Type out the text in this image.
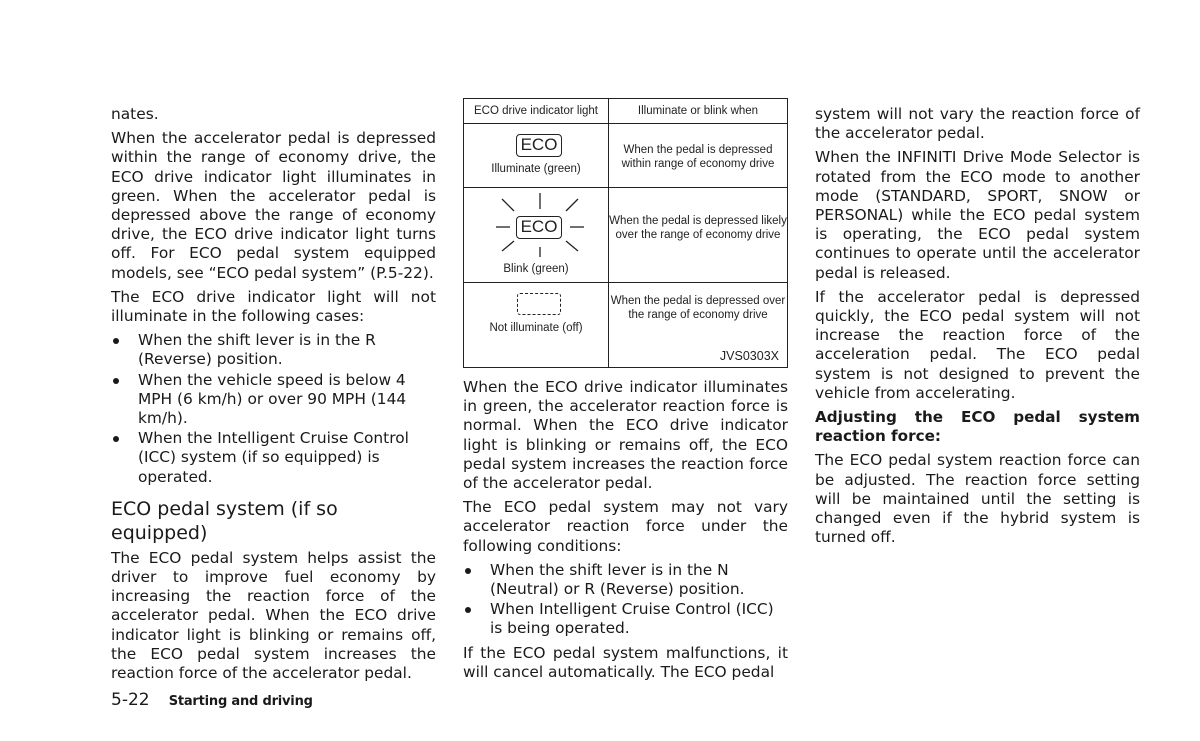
nates.

When the accelerator pedal is depressed within the range of economy drive, the ECO drive indicator light illuminates in green. When the accelerator pedal is depressed above the range of economy drive, the ECO drive indicator light turns off. For ECO pedal system equipped models, see “ECO pedal system” (P.5-22).

The ECO drive indicator light will not illuminate in the following cases:

When the shift lever is in the R (Reverse) position.
When the vehicle speed is below 4 MPH (6 km/h) or over 90 MPH (144 km/h).
When the Intelligent Cruise Control (ICC) system (if so equipped) is operated.
ECO pedal system (if so equipped)

The ECO pedal system helps assist the driver to improve fuel economy by increasing the reaction force of the accelerator pedal. When the ECO drive indicator light is blinking or remains off, the ECO pedal system increases the reaction force of the accelerator pedal.

ECO drive indicator light	Illuminate or blink when
ECO
Illuminate (green)
When the pedal is depressed within range of economy drive
ECO
Blink (green)
When the pedal is depressed likely over the range of economy drive
Not illuminate (off)
When the pedal is depressed over the range of economy drive
JVS0303X

When the ECO drive indicator illuminates in green, the accelerator reaction force is normal. When the ECO drive indicator light is blinking or remains off, the ECO pedal system increases the reaction force of the accelerator pedal.

The ECO pedal system may not vary accelerator reaction force under the following conditions:

When the shift lever is in the N (Neutral) or R (Reverse) position.
When Intelligent Cruise Control (ICC) is being operated.

If the ECO pedal system malfunctions, it will cancel automatically. The ECO pedal

system will not vary the reaction force of the accelerator pedal.

When the INFINITI Drive Mode Selector is rotated from the ECO mode to another mode (STANDARD, SPORT, SNOW or PERSONAL) while the ECO pedal system is operating, the ECO pedal system continues to operate until the accelerator pedal is released.

If the accelerator pedal is depressed quickly, the ECO pedal system will not increase the reaction force of the acceleration pedal. The ECO pedal system is not designed to prevent the vehicle from accelerating.

Adjusting the ECO pedal system reaction force:

The ECO pedal system reaction force can be adjusted. The reaction force setting will be maintained until the setting is changed even if the hybrid system is turned off.

5-22 Starting and driving
